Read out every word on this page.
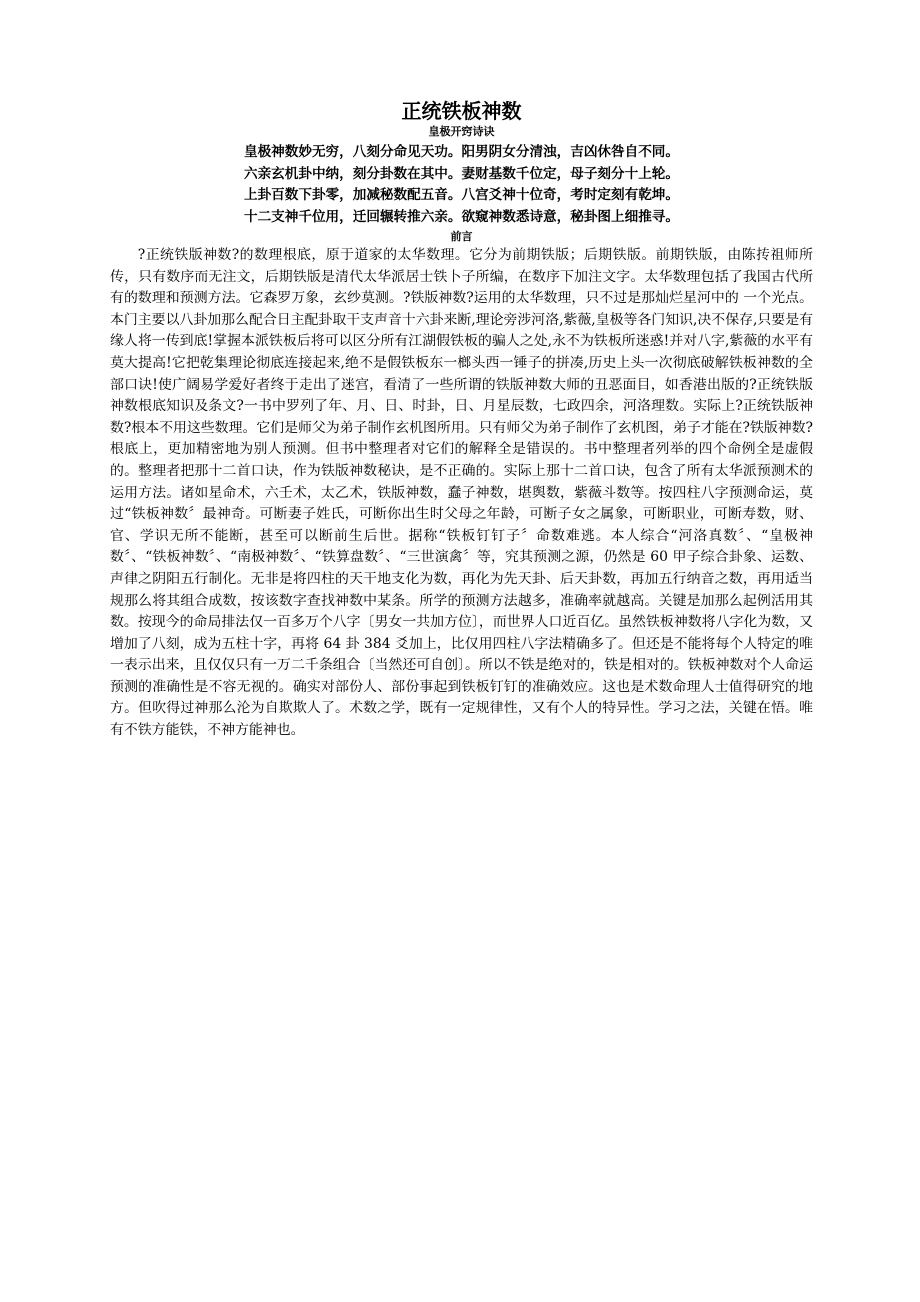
正统铁板神数
皇极开窍诗诀
皇极神数妙无穷，八刻分命见天功。阳男阴女分清浊，吉凶休咎自不同。
六亲玄机卦中纳，刻分卦数在其中。妻财基数千位定，母子刻分十上轮。
上卦百数下卦零，加减秘数配五音。八宫爻神十位奇，考时定刻有乾坤。
十二支神千位用，迁回辗转推六亲。欲窥神数悉诗意，秘卦图上细推寻。
前言

?正统铁版神数?的数理根底，原于道家的太华数理。它分为前期铁版；后期铁版。前期铁版，由陈抟祖师所传，只有数序而无注文，后期铁版是清代太华派居士铁卜子所编，在数序下加注文字。太华数理包括了我国古代所有的数理和预测方法。它森罗万象，玄纱莫测。?铁版神数?运用的太华数理，只不过是那灿烂星河中的 一个光点。本门主要以八卦加那么配合日主配卦取干支声音十六卦来断,理论旁涉河洛,紫薇,皇极等各门知识,决不保存,只要是有缘人将一传到底!掌握本派铁板后将可以区分所有江湖假铁板的骗人之处,永不为铁板所迷惑!并对八字,紫薇的水平有莫大提高!它把乾集理论彻底连接起来,绝不是假铁板东一榔头西一锤子的拼凑,历史上头一次彻底破解铁板神数的全部口诀!使广阔易学爱好者终于走出了迷宫，看清了一些所谓的铁版神数大师的丑恶面目，如香港出版的?正统铁版神数根底知识及条文?一书中罗列了年、月、日、时卦，日、月星辰数，七政四余，河洛理数。实际上?正统铁版神数?根本不用这些数理。它们是师父为弟子制作玄机图所用。只有师父为弟子制作了玄机图，弟子才能在?铁版神数?根底上，更加精密地为别人预测。但书中整理者对它们的解释全是错误的。书中整理者列举的四个命例全是虚假的。整理者把那十二首口诀，作为铁版神数秘诀，是不正确的。实际上那十二首口诀，包含了所有太华派预测术的运用方法。诸如星命术，六壬术，太乙术，铁版神数，蠢子神数，堪舆数，紫薇斗数等。按四柱八字预测命运，莫过“铁板神数〞最神奇。可断妻子姓氏，可断你出生时父母之年龄，可断子女之属象，可断职业，可断寿数，财、官、学识无所不能断，甚至可以断前生后世。据称“铁板钉钉子〞命数难逃。本人综合“河洛真数〞、“皇极神数〞、“铁板神数〞、“南极神数〞、“铁算盘数〞、“三世演禽〞等，究其预测之源，仍然是 60 甲子综合卦象、运数、声律之阴阳五行制化。无非是将四柱的天干地支化为数，再化为先天卦、后天卦数，再加五行纳音之数，再用适当规那么将其组合成数，按该数字查找神数中某条。所学的预测方法越多，准确率就越高。关键是加那么起例活用其数。按现今的命局排法仅一百多万个八字〔男女一共加方位〕，而世界人口近百亿。虽然铁板神数将八字化为数，又增加了八刻，成为五柱十字，再将 64 卦 384 爻加上，比仅用四柱八字法精确多了。但还是不能将每个人特定的唯一表示出来，且仅仅只有一万二千条组合〔当然还可自创〕。所以不铁是绝对的，铁是相对的。铁板神数对个人命运预测的准确性是不容无视的。确实对部份人、部份事起到铁板钉钉的准确效应。这也是术数命理人士值得研究的地方。但吹得过神那么沦为自欺欺人了。术数之学，既有一定规律性，又有个人的特异性。学习之法，关键在悟。唯有不铁方能铁，不神方能神也。
